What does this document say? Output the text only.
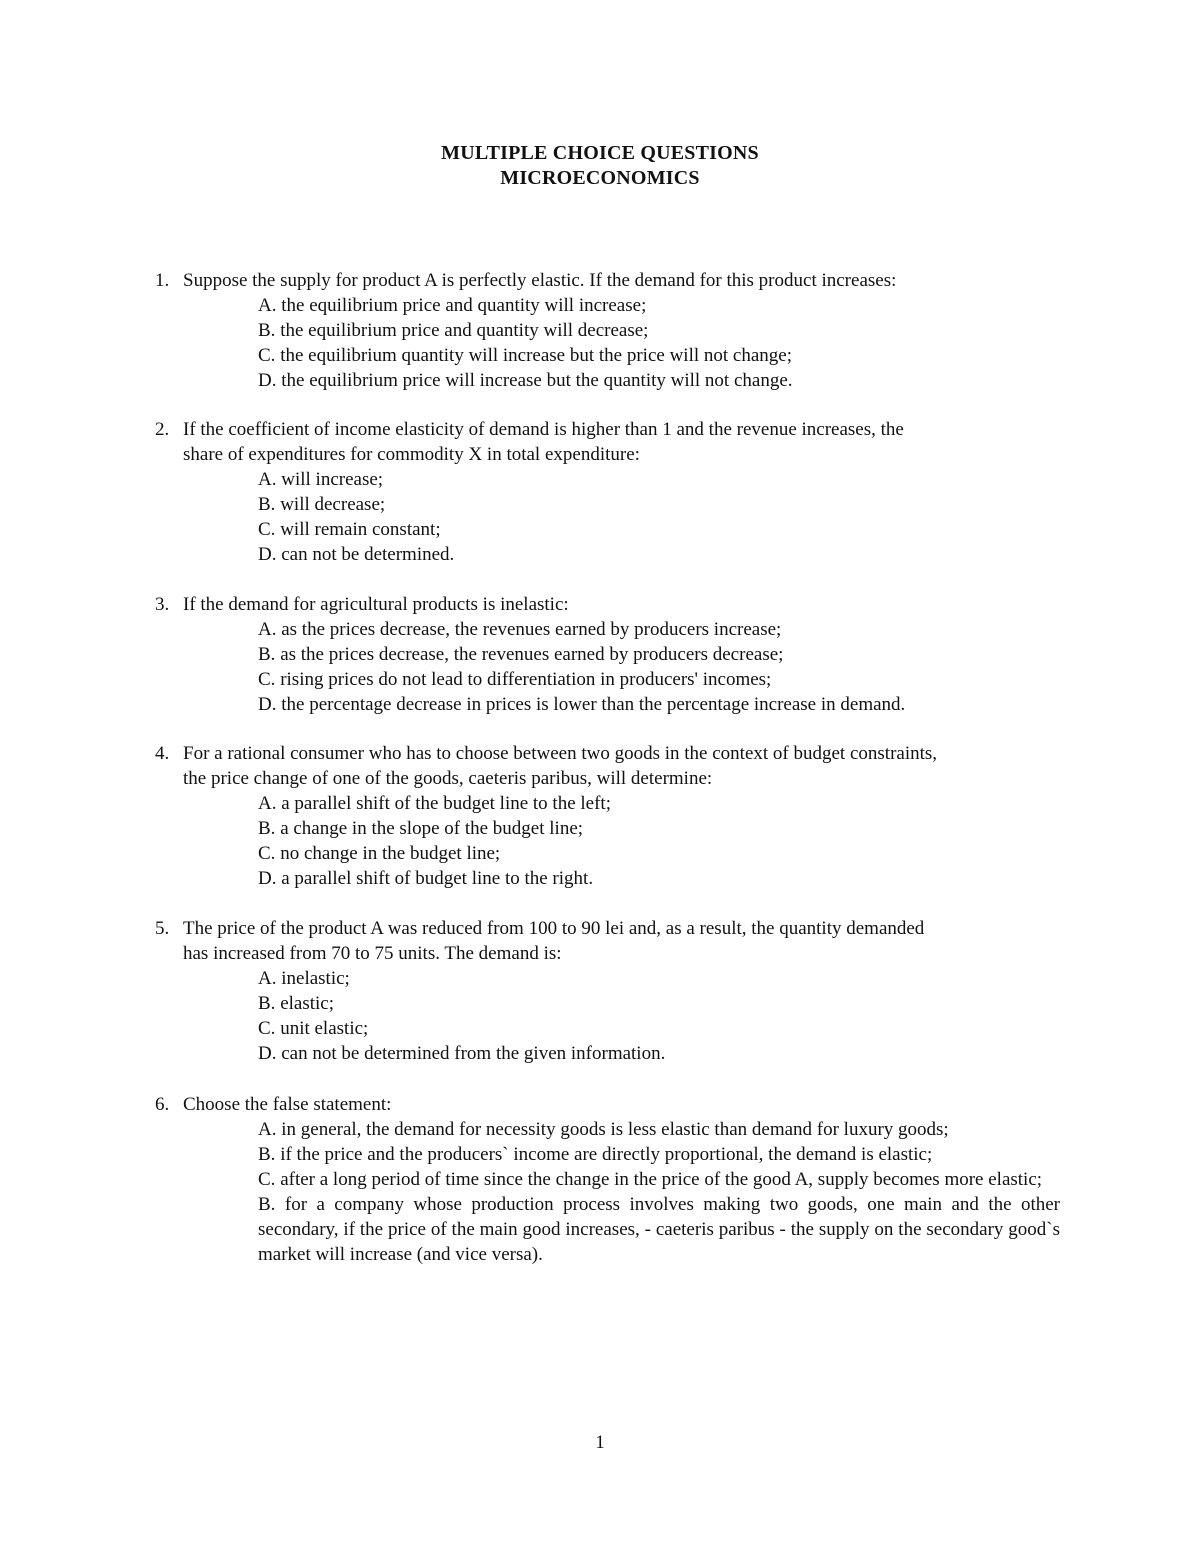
MULTIPLE CHOICE QUESTIONS
MICROECONOMICS
1. Suppose the supply for product A is perfectly elastic. If the demand for this product increases:
A. the equilibrium price and quantity will increase;
B. the equilibrium price and quantity will decrease;
C. the equilibrium quantity will increase but the price will not change;
D. the equilibrium price will increase but the quantity will not change.
2. If the coefficient of income elasticity of demand is higher than 1 and the revenue increases, the
share of expenditures for commodity X in total expenditure:
A. will increase;
B. will decrease;
C. will remain constant;
D. can not be determined.
3. If the demand for agricultural products is inelastic:
A. as the prices decrease, the revenues earned by producers increase;
B. as the prices decrease, the revenues earned by producers decrease;
C. rising prices do not lead to differentiation in producers' incomes;
D. the percentage decrease in prices is lower than the percentage increase in demand.
4. For a rational consumer who has to choose between two goods in the context of budget constraints,
the price change of one of the goods, caeteris paribus, will determine:
A. a parallel shift of the budget line to the left;
B. a change in the slope of the budget line;
C. no change in the budget line;
D. a parallel shift of budget line to the right.
5. The price of the product A was reduced from 100 to 90 lei and, as a result, the quantity demanded
has increased from 70 to 75 units. The demand is:
A. inelastic;
B. elastic;
C. unit elastic;
D. can not be determined from the given information.
6. Choose the false statement:
A. in general, the demand for necessity goods is less elastic than demand for luxury goods;
B. if the price and the producers` income are directly proportional, the demand is elastic;
C. after a long period of time since the change in the price of the good A, supply becomes more elastic;
B. for a company whose production process involves making two goods, one main and the other secondary, if the price of the main good increases, - caeteris paribus - the supply on the secondary good`s market will increase (and vice versa).
1
